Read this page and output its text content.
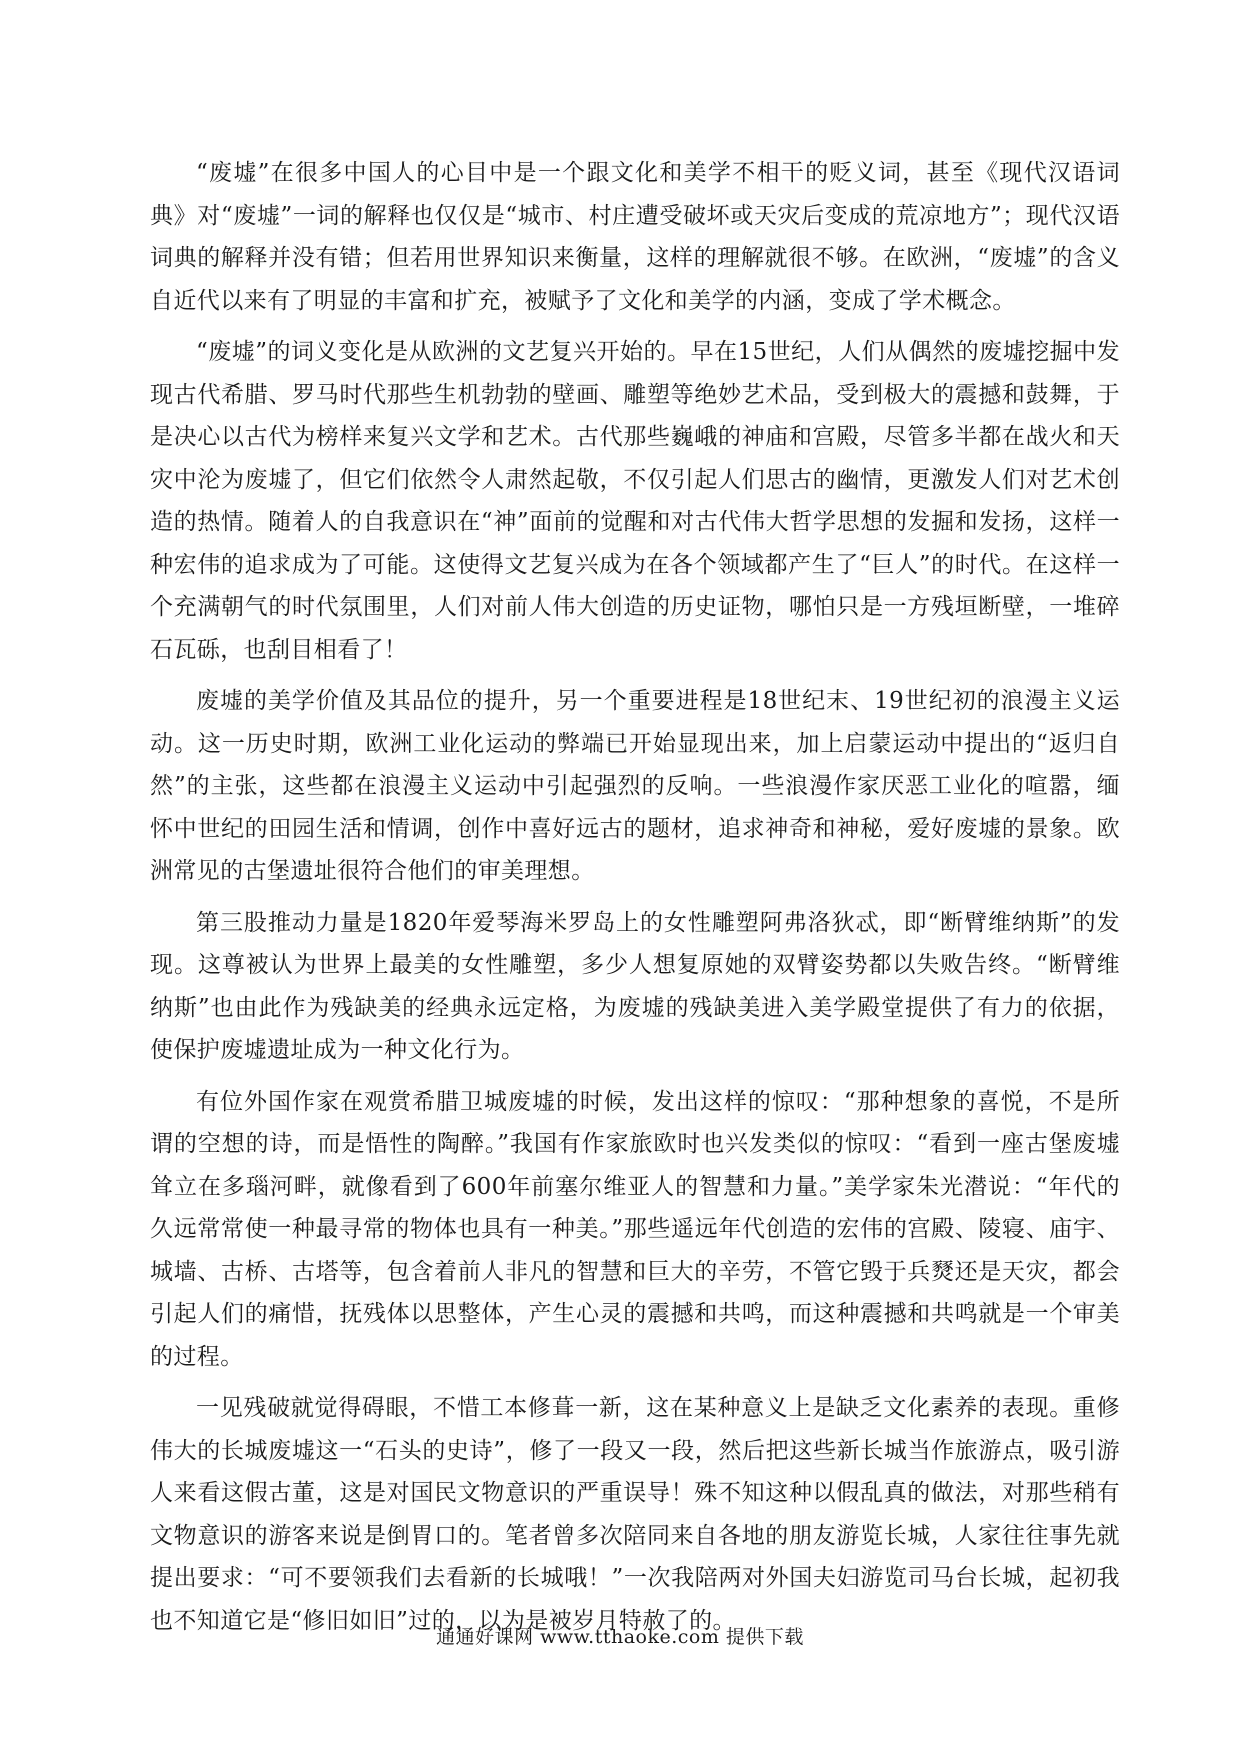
“废墟”在很多中国人的心目中是一个跟文化和美学不相干的贬义词，甚至《现代汉语词典》对“废墟”一词的解释也仅仅是“城市、村庄遭受破坏或天灾后变成的荒凉地方”；现代汉语词典的解释并没有错；但若用世界知识来衡量，这样的理解就很不够。在欧洲，“废墟”的含义自近代以来有了明显的丰富和扩充，被赋予了文化和美学的内涵，变成了学术概念。

“废墟”的词义变化是从欧洲的文艺复兴开始的。早在15世纪，人们从偶然的废墟挖掘中发现古代希腊、罗马时代那些生机勃勃的壁画、雕塑等绝妙艺术品，受到极大的震撼和鼓舞，于是决心以古代为榜样来复兴文学和艺术。古代那些巍峨的神庙和宫殿，尽管多半都在战火和天灾中沦为废墟了，但它们依然令人肃然起敬，不仅引起人们思古的幽情，更激发人们对艺术创造的热情。随着人的自我意识在“神”面前的觉醒和对古代伟大哲学思想的发掘和发扬，这样一种宏伟的追求成为了可能。这使得文艺复兴成为在各个领域都产生了“巨人”的时代。在这样一个充满朝气的时代氛围里，人们对前人伟大创造的历史证物，哪怕只是一方残垣断壁，一堆碎石瓦砾，也刮目相看了！

废墟的美学价值及其品位的提升，另一个重要进程是18世纪末、19世纪初的浪漫主义运动。这一历史时期，欧洲工业化运动的弊端已开始显现出来，加上启蒙运动中提出的“返归自然”的主张，这些都在浪漫主义运动中引起强烈的反响。一些浪漫作家厌恶工业化的喧嚣，缅怀中世纪的田园生活和情调，创作中喜好远古的题材，追求神奇和神秘，爱好废墟的景象。欧洲常见的古堡遗址很符合他们的审美理想。

第三股推动力量是1820年爱琴海米罗岛上的女性雕塑阿弗洛狄忒，即“断臂维纳斯”的发现。这尊被认为世界上最美的女性雕塑，多少人想复原她的双臂姿势都以失败告终。“断臂维纳斯”也由此作为残缺美的经典永远定格，为废墟的残缺美进入美学殿堂提供了有力的依据，使保护废墟遗址成为一种文化行为。

有位外国作家在观赏希腊卫城废墟的时候，发出这样的惊叹：“那种想象的喜悦，不是所谓的空想的诗，而是悟性的陶醉。”我国有作家旅欧时也兴发类似的惊叹：“看到一座古堡废墟耸立在多瑙河畔，就像看到了600年前塞尔维亚人的智慧和力量。”美学家朱光潜说：“年代的久远常常使一种最寻常的物体也具有一种美。”那些遥远年代创造的宏伟的宫殿、陵寝、庙宇、城墙、古桥、古塔等，包含着前人非凡的智慧和巨大的辛劳，不管它毁于兵燹还是天灾，都会引起人们的痛惜，抚残体以思整体，产生心灵的震撼和共鸣，而这种震撼和共鸣就是一个审美的过程。

一见残破就觉得碍眼，不惜工本修葺一新，这在某种意义上是缺乏文化素养的表现。重修伟大的长城废墟这一“石头的史诗”，修了一段又一段，然后把这些新长城当作旅游点，吸引游人来看这假古董，这是对国民文物意识的严重误导！殊不知这种以假乱真的做法，对那些稍有文物意识的游客来说是倒胃口的。笔者曾多次陪同来自各地的朋友游览长城，人家往往事先就提出要求：“可不要领我们去看新的长城哦！”一次我陪两对外国夫妇游览司马台长城，起初我也不知道它是“修旧如旧”过的，以为是被岁月特赦了的。

通通好课网 www.tthaoke.com 提供下载
